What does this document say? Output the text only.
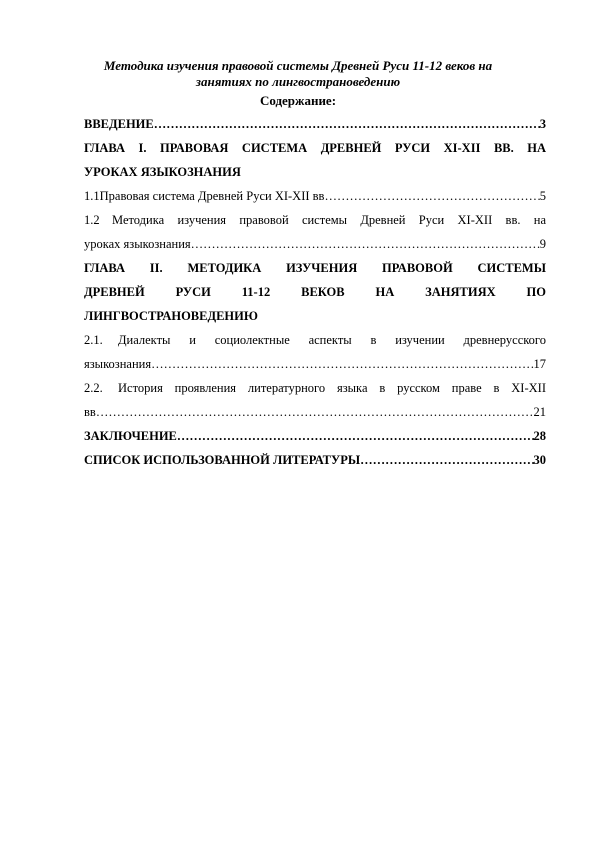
Методика изучения правовой системы Древней Руси 11-12 веков на
занятиях по лингвострановедению
Содержание:
ВВЕДЕНИЕ ………………………………………………………………………………………………………………………………………………………………………………	3
ГЛАВА I. ПРАВОВАЯ СИСТЕМА ДРЕВНЕЙ РУСИ XI-XII ВВ. НА
УРОКАХ ЯЗЫКОЗНАНИЯ
1.1 Правовая система Древней Руси XI-XII вв ………………………………………………………………………………………………………………………………………………………………………………	5
1.2 Методика изучения правовой системы Древней Руси XI-XII вв. на
уроках языкознания ………………………………………………………………………………………………………………………………………………………………………………	9
ГЛАВА II. МЕТОДИКА ИЗУЧЕНИЯ ПРАВОВОЙ СИСТЕМЫ
ДРЕВНЕЙ РУСИ 11-12 ВЕКОВ НА ЗАНЯТИЯХ ПО
ЛИНГВОСТРАНОВЕДЕНИЮ
2.1. Диалекты и социолектные аспекты в изучении древнерусского
языкознания ………………………………………………………………………………………………………………………………………………………………………………	17
2.2. История проявления литературного языка в русском праве в XI-XII
вв ………………………………………………………………………………………………………………………………………………………………………………	21
ЗАКЛЮЧЕНИЕ ………………………………………………………………………………………………………………………………………………………………………………	28
СПИСОК ИСПОЛЬЗОВАННОЙ ЛИТЕРАТУРЫ ………………………………………………………………………………………………………………………………………………………………………………	30
